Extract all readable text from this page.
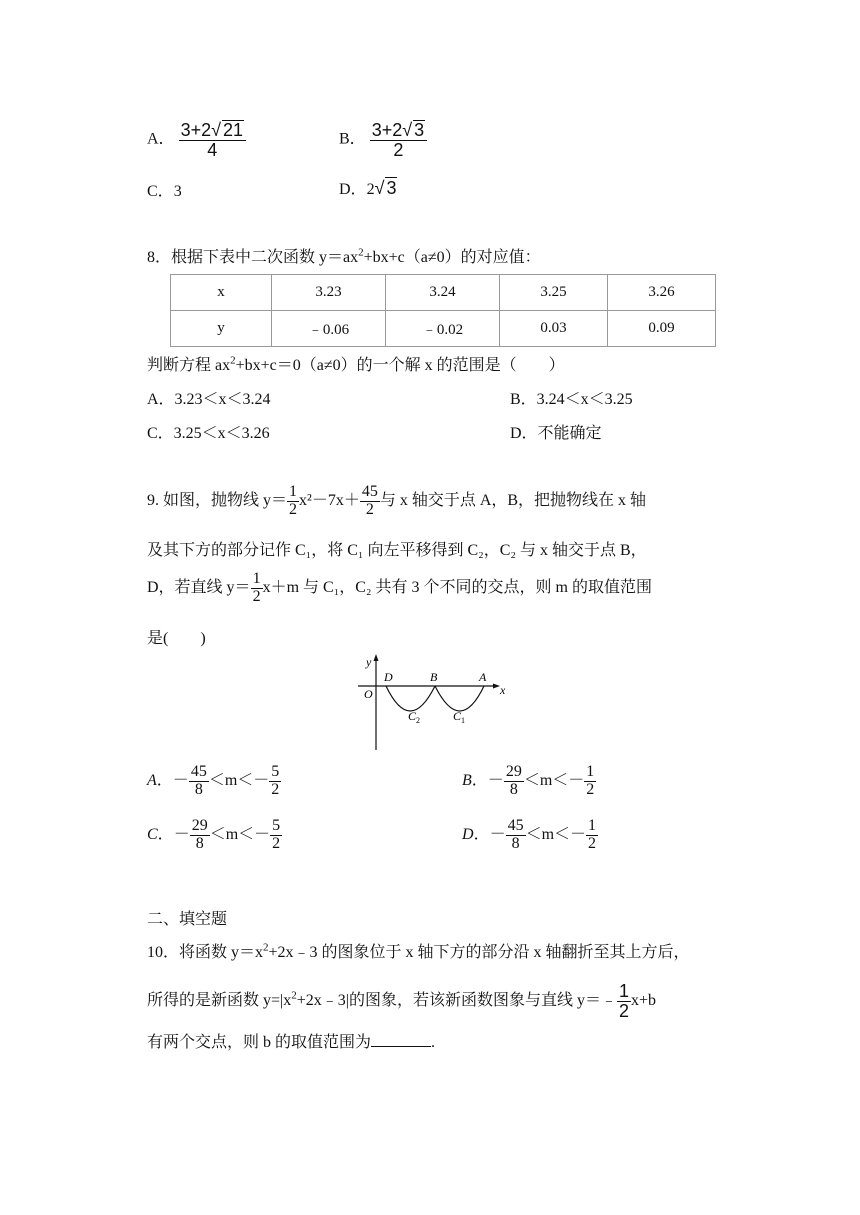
A． $\frac{3+2√ 21}{4}$	B． $\frac{3+2√ 3}{2}$
C．3	D．2√ 3
8．根据下表中二次函数 $y=ax^2+bx+c(a\ne 0)$的对应值：
x	3.23	3.24	3.25	3.26
y	﹣0.06	﹣0.02	0.03	0.09
判断方程 $ax^2+bx+c=0(a\ne 0)$的一个解 x 的范围是（　　）
A．3.23＜x＜3.24	B．3.24＜x＜3.25
C．3.25＜x＜3.26	D．不能确定
9. 如图，抛物线 $y= \frac{1}{2} x^2-7x+ \frac{45}{2}$ 与 x 轴交于点 A，B，把抛物线在 x 轴
及其下方的部分记作 C₁，将 C₁ 向左平移得到 C₂，C₂ 与 x 轴交于点 B，
D，若直线 $y= \frac{1}{2} x+m$ 与 C₁，C₂ 共有 3 个不同的交点，则 m 的取值范围
是(　　)
y
x
O
D	B	A
$C_2$	$C_1$
A．－ $\frac{45}{8} <m<- \frac{5}{2}$	B．－ $\frac{29}{8} <m<- \frac{1}{2}$
C．－ $\frac{29}{8} <m<- \frac{5}{2}$	D．－ $\frac{45}{8} <m<- \frac{1}{2}$
二、填空题
10．将函数 $y=x^2+2x﹣3$ 的图象位于 x 轴下方的部分沿 x 轴翻折至其上方后，
所得的是新函数 $y=|x^2+2x﹣3|$的图象，若该新函数图象与直线 y＝﹣ $\frac{1}{2} x+b$
有两个交点，则 b 的取值范围为	.
